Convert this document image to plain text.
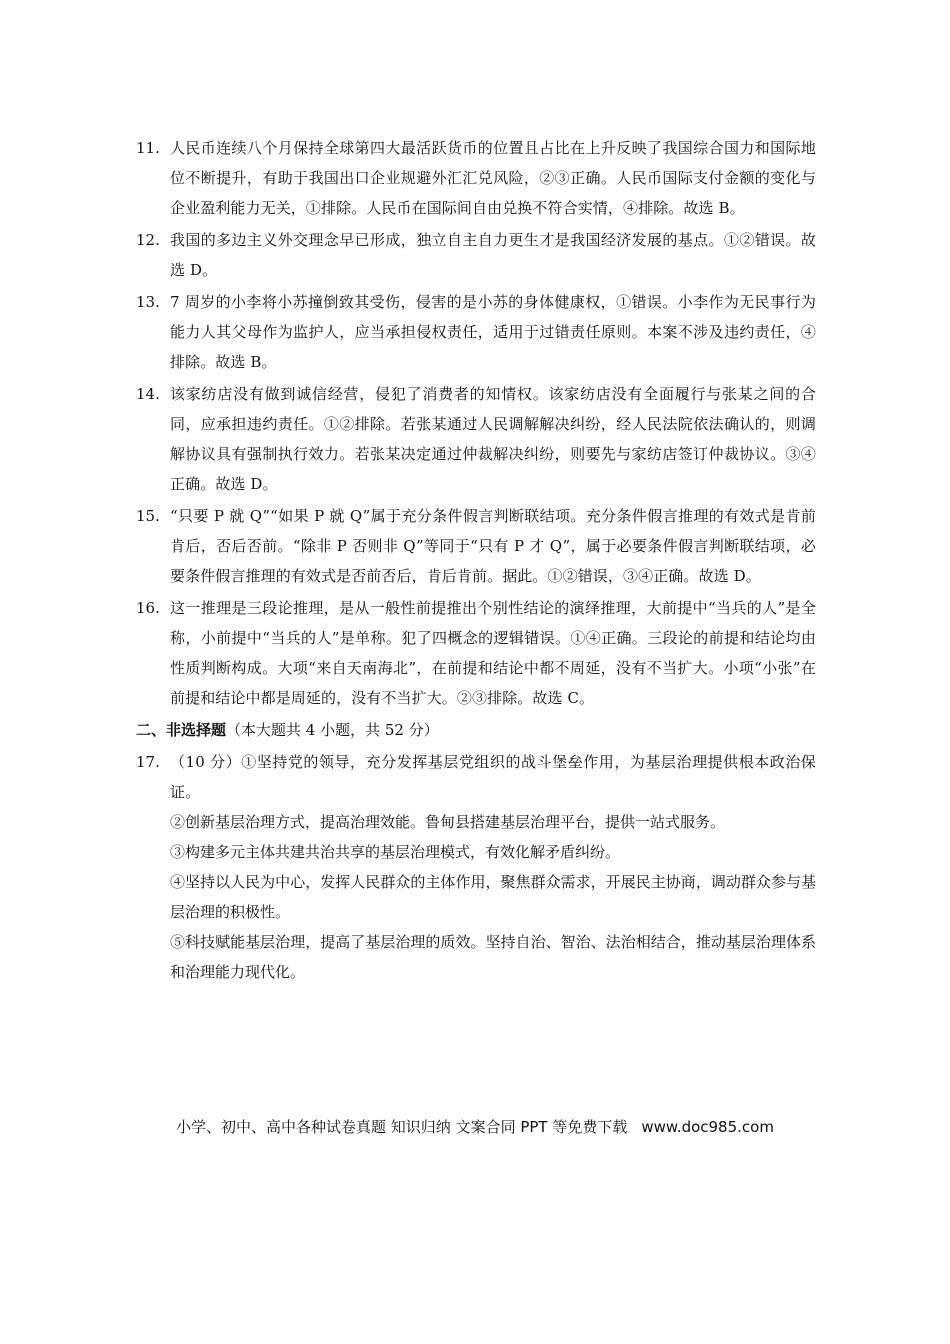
11. 人民币连续八个月保持全球第四大最活跃货币的位置且占比在上升反映了我国综合国力和国际地位不断提升，有助于我国出口企业规避外汇汇兑风险，②③正确。人民币国际支付金额的变化与企业盈利能力无关，①排除。人民币在国际间自由兑换不符合实情，④排除。故选 B。
12. 我国的多边主义外交理念早已形成，独立自主自力更生才是我国经济发展的基点。①②错误。故选 D。
13. 7 周岁的小李将小苏撞倒致其受伤，侵害的是小苏的身体健康权，①错误。小李作为无民事行为能力人其父母作为监护人，应当承担侵权责任，适用于过错责任原则。本案不涉及违约责任，④排除。故选 B。
14. 该家纺店没有做到诚信经营，侵犯了消费者的知情权。该家纺店没有全面履行与张某之间的合同，应承担违约责任。①②排除。若张某通过人民调解解决纠纷，经人民法院依法确认的，则调解协议具有强制执行效力。若张某决定通过仲裁解决纠纷，则要先与家纺店签订仲裁协议。③④正确。故选 D。
15. “只要 P 就 Q”“如果 P 就 Q”属于充分条件假言判断联结项。充分条件假言推理的有效式是肯前肯后，否后否前。“除非 P 否则非 Q”等同于“只有 P 才 Q”，属于必要条件假言判断联结项，必要条件假言推理的有效式是否前否后，肯后肯前。据此。①②错误，③④正确。故选 D。
16. 这一推理是三段论推理，是从一般性前提推出个别性结论的演绎推理，大前提中“当兵的人”是全称，小前提中“当兵的人”是单称。犯了四概念的逻辑错误。①④正确。三段论的前提和结论均由性质判断构成。大项“来自天南海北”，在前提和结论中都不周延，没有不当扩大。小项“小张”在前提和结论中都是周延的，没有不当扩大。②③排除。故选 C。
二、非选择题（本大题共 4 小题，共 52 分）
17. （10 分）①坚持党的领导，充分发挥基层党组织的战斗堡垒作用，为基层治理提供根本政治保证。
②创新基层治理方式，提高治理效能。鲁甸县搭建基层治理平台，提供一站式服务。
③构建多元主体共建共治共享的基层治理模式，有效化解矛盾纠纷。
④坚持以人民为中心，发挥人民群众的主体作用，聚焦群众需求，开展民主协商，调动群众参与基层治理的积极性。
⑤科技赋能基层治理，提高了基层治理的质效。坚持自治、智治、法治相结合，推动基层治理体系和治理能力现代化。
小学、初中、高中各种试卷真题 知识归纳 文案合同 PPT 等免费下载 www.doc985.com
